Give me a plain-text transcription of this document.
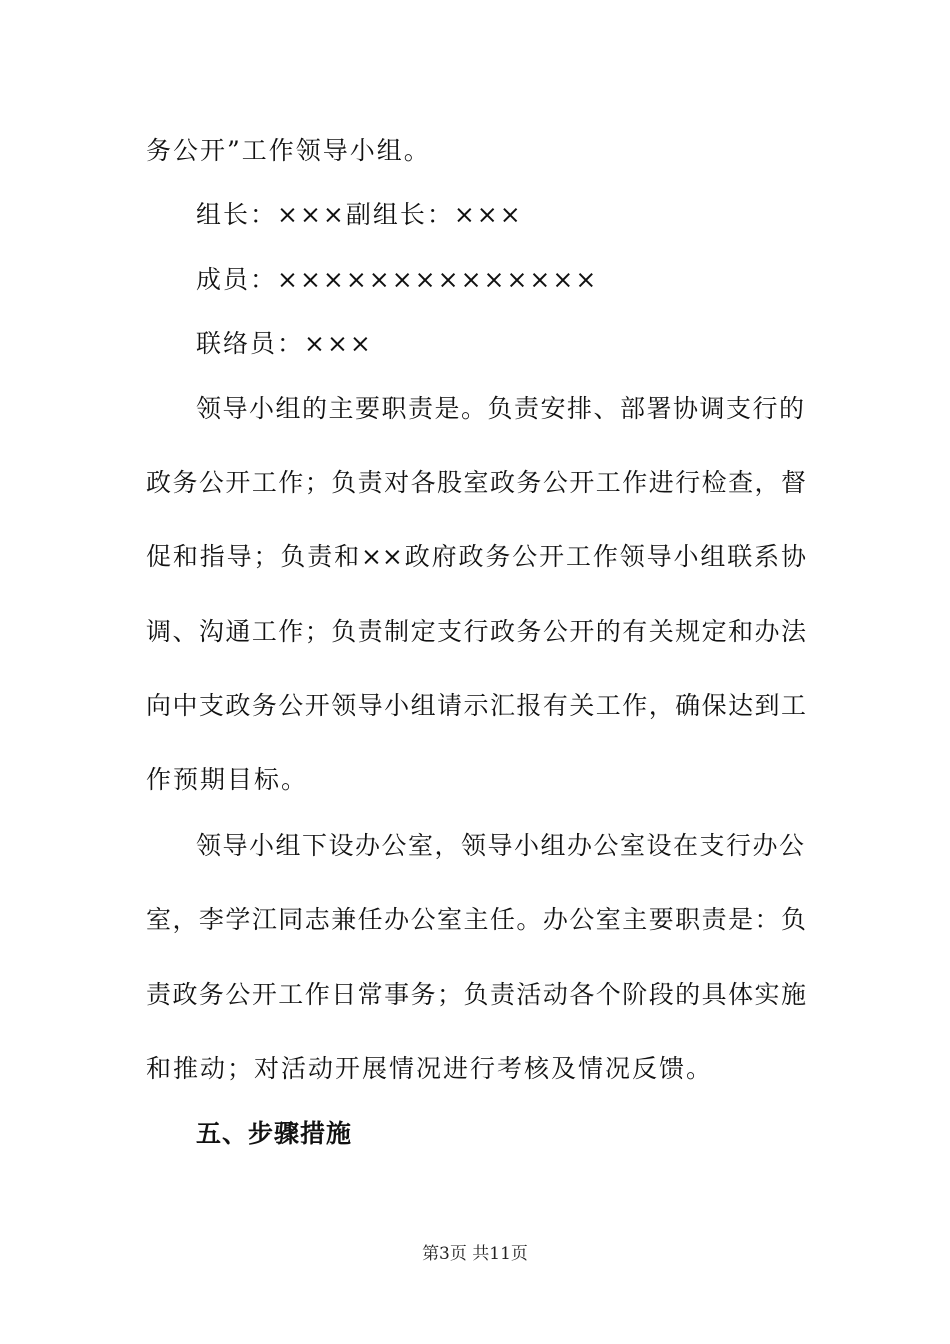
务公开”工作领导小组。
组长：×××副组长：×××
成员：××××××××××××××
联络员：×××
领导小组的主要职责是。负责安排、部署协调支行的
政务公开工作；负责对各股室政务公开工作进行检查，督
促和指导；负责和××政府政务公开工作领导小组联系协
调、沟通工作；负责制定支行政务公开的有关规定和办法
向中支政务公开领导小组请示汇报有关工作，确保达到工
作预期目标。
领导小组下设办公室，领导小组办公室设在支行办公
室，李学江同志兼任办公室主任。办公室主要职责是：负
责政务公开工作日常事务；负责活动各个阶段的具体实施
和推动；对活动开展情况进行考核及情况反馈。
五、步骤措施
第3页 共11页
